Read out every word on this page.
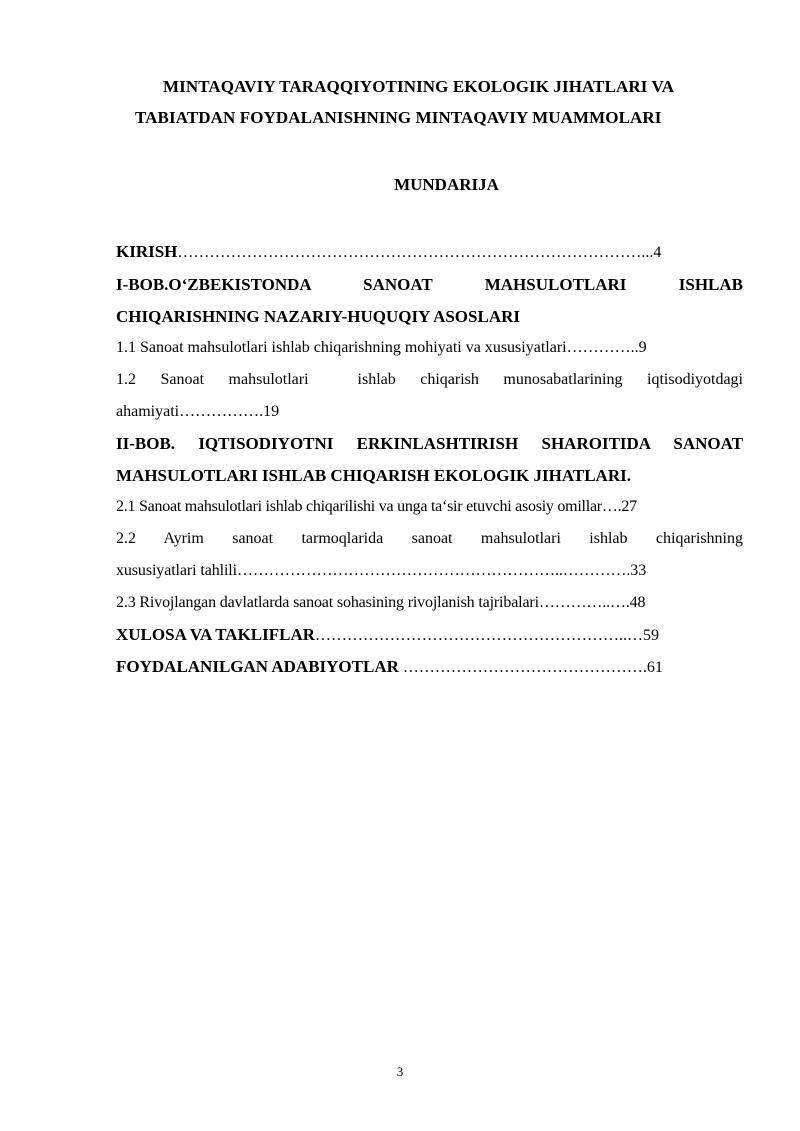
MINTAQAVIY TARAQQIYOTINING EKOLOGIK JIHATLARI VA
TABIATDAN FOYDALANISHNING MINTAQAVIY MUAMMOLARI
MUNDARIJA

KIRISH……………………………………………………………………………...4

I-BOB.O‘ZBEKISTONDA SANOAT MAHSULOTLARI ISHLAB

CHIQARISHNING NAZARIY-HUQUQIY ASOSLARI

1.1 Sanoat mahsulotlari ishlab chiqarishning mohiyati va xususiyatlari…………..9

1.2 Sanoat mahsulotlari  ishlab chiqarish munosabatlarining iqtisodiyotdagi

ahamiyati…………….19

II-BOB. IQTISODIYOTNI ERKINLASHTIRISH SHAROITIDA SANOAT

MAHSULOTLARI ISHLAB CHIQARISH EKOLOGIK JIHATLARI.

2.1 Sanoat mahsulotlari ishlab chiqarilishi va unga ta‘sir etuvchi asosiy omillar….27

2.2 Ayrim sanoat tarmoqlarida sanoat mahsulotlari ishlab chiqarishning

xususiyatlari tahlili……………………………………………………..………….33

2.3 Rivojlangan davlatlarda sanoat sohasining rivojlanish tajribalari…………..….48

XULOSA VA TAKLIFLAR…………………………………………………..…59

FOYDALANILGAN ADABIYOTLAR ……………………………………….61

3
